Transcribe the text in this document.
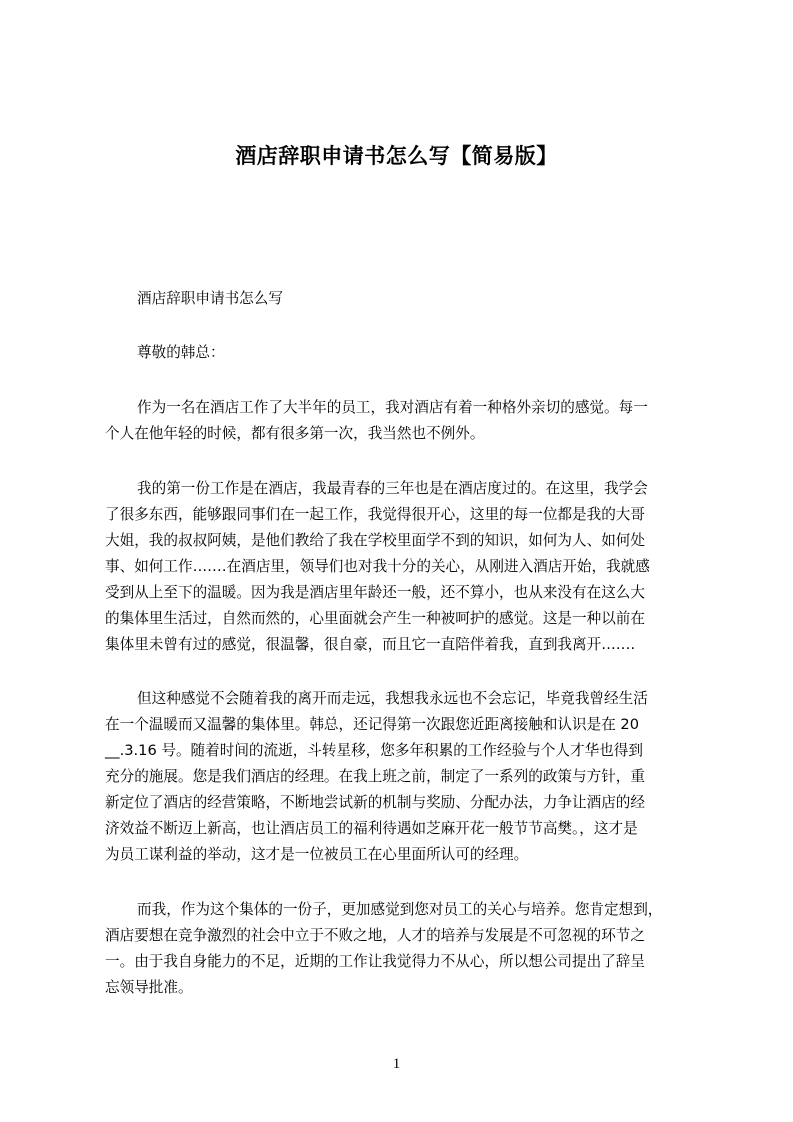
酒店辞职申请书怎么写【简易版】
酒店辞职申请书怎么写
尊敬的韩总：
作为一名在酒店工作了大半年的员工，我对酒店有着一种格外亲切的感觉。每一
个人在他年轻的时候，都有很多第一次，我当然也不例外。
我的第一份工作是在酒店，我最青春的三年也是在酒店度过的。在这里，我学会
了很多东西，能够跟同事们在一起工作，我觉得很开心，这里的每一位都是我的大哥
大姐，我的叔叔阿姨，是他们教给了我在学校里面学不到的知识，如何为人、如何处
事、如何工作‥…‥在酒店里，领导们也对我十分的关心，从刚进入酒店开始，我就感
受到从上至下的温暖。因为我是酒店里年龄还一般，还不算小，也从来没有在这么大
的集体里生活过，自然而然的，心里面就会产生一种被呵护的感觉。这是一种以前在
集体里未曾有过的感觉，很温馨，很自豪，而且它一直陪伴着我，直到我离开‥…‥
但这种感觉不会随着我的离开而走远，我想我永远也不会忘记，毕竟我曾经生活
在一个温暖而又温馨的集体里。韩总，还记得第一次跟您近距离接触和认识是在 20
__.3.16 号。随着时间的流逝，斗转星移，您多年积累的工作经验与个人才华也得到
充分的施展。您是我们酒店的经理。在我上班之前，制定了一系列的政策与方针，重
新定位了酒店的经营策略，不断地尝试新的机制与奖励、分配办法，力争让酒店的经
济效益不断迈上新高，也让酒店员工的福利待遇如芝麻开花一般节节高樊。，这才是
为员工谋利益的举动，这才是一位被员工在心里面所认可的经理。
而我，作为这个集体的一份子，更加感觉到您对员工的关心与培养。您肯定想到，
酒店要想在竞争激烈的社会中立于不败之地，人才的培养与发展是不可忽视的环节之
一。由于我自身能力的不足，近期的工作让我觉得力不从心，所以想公司提出了辞呈
忘领导批准。
1
